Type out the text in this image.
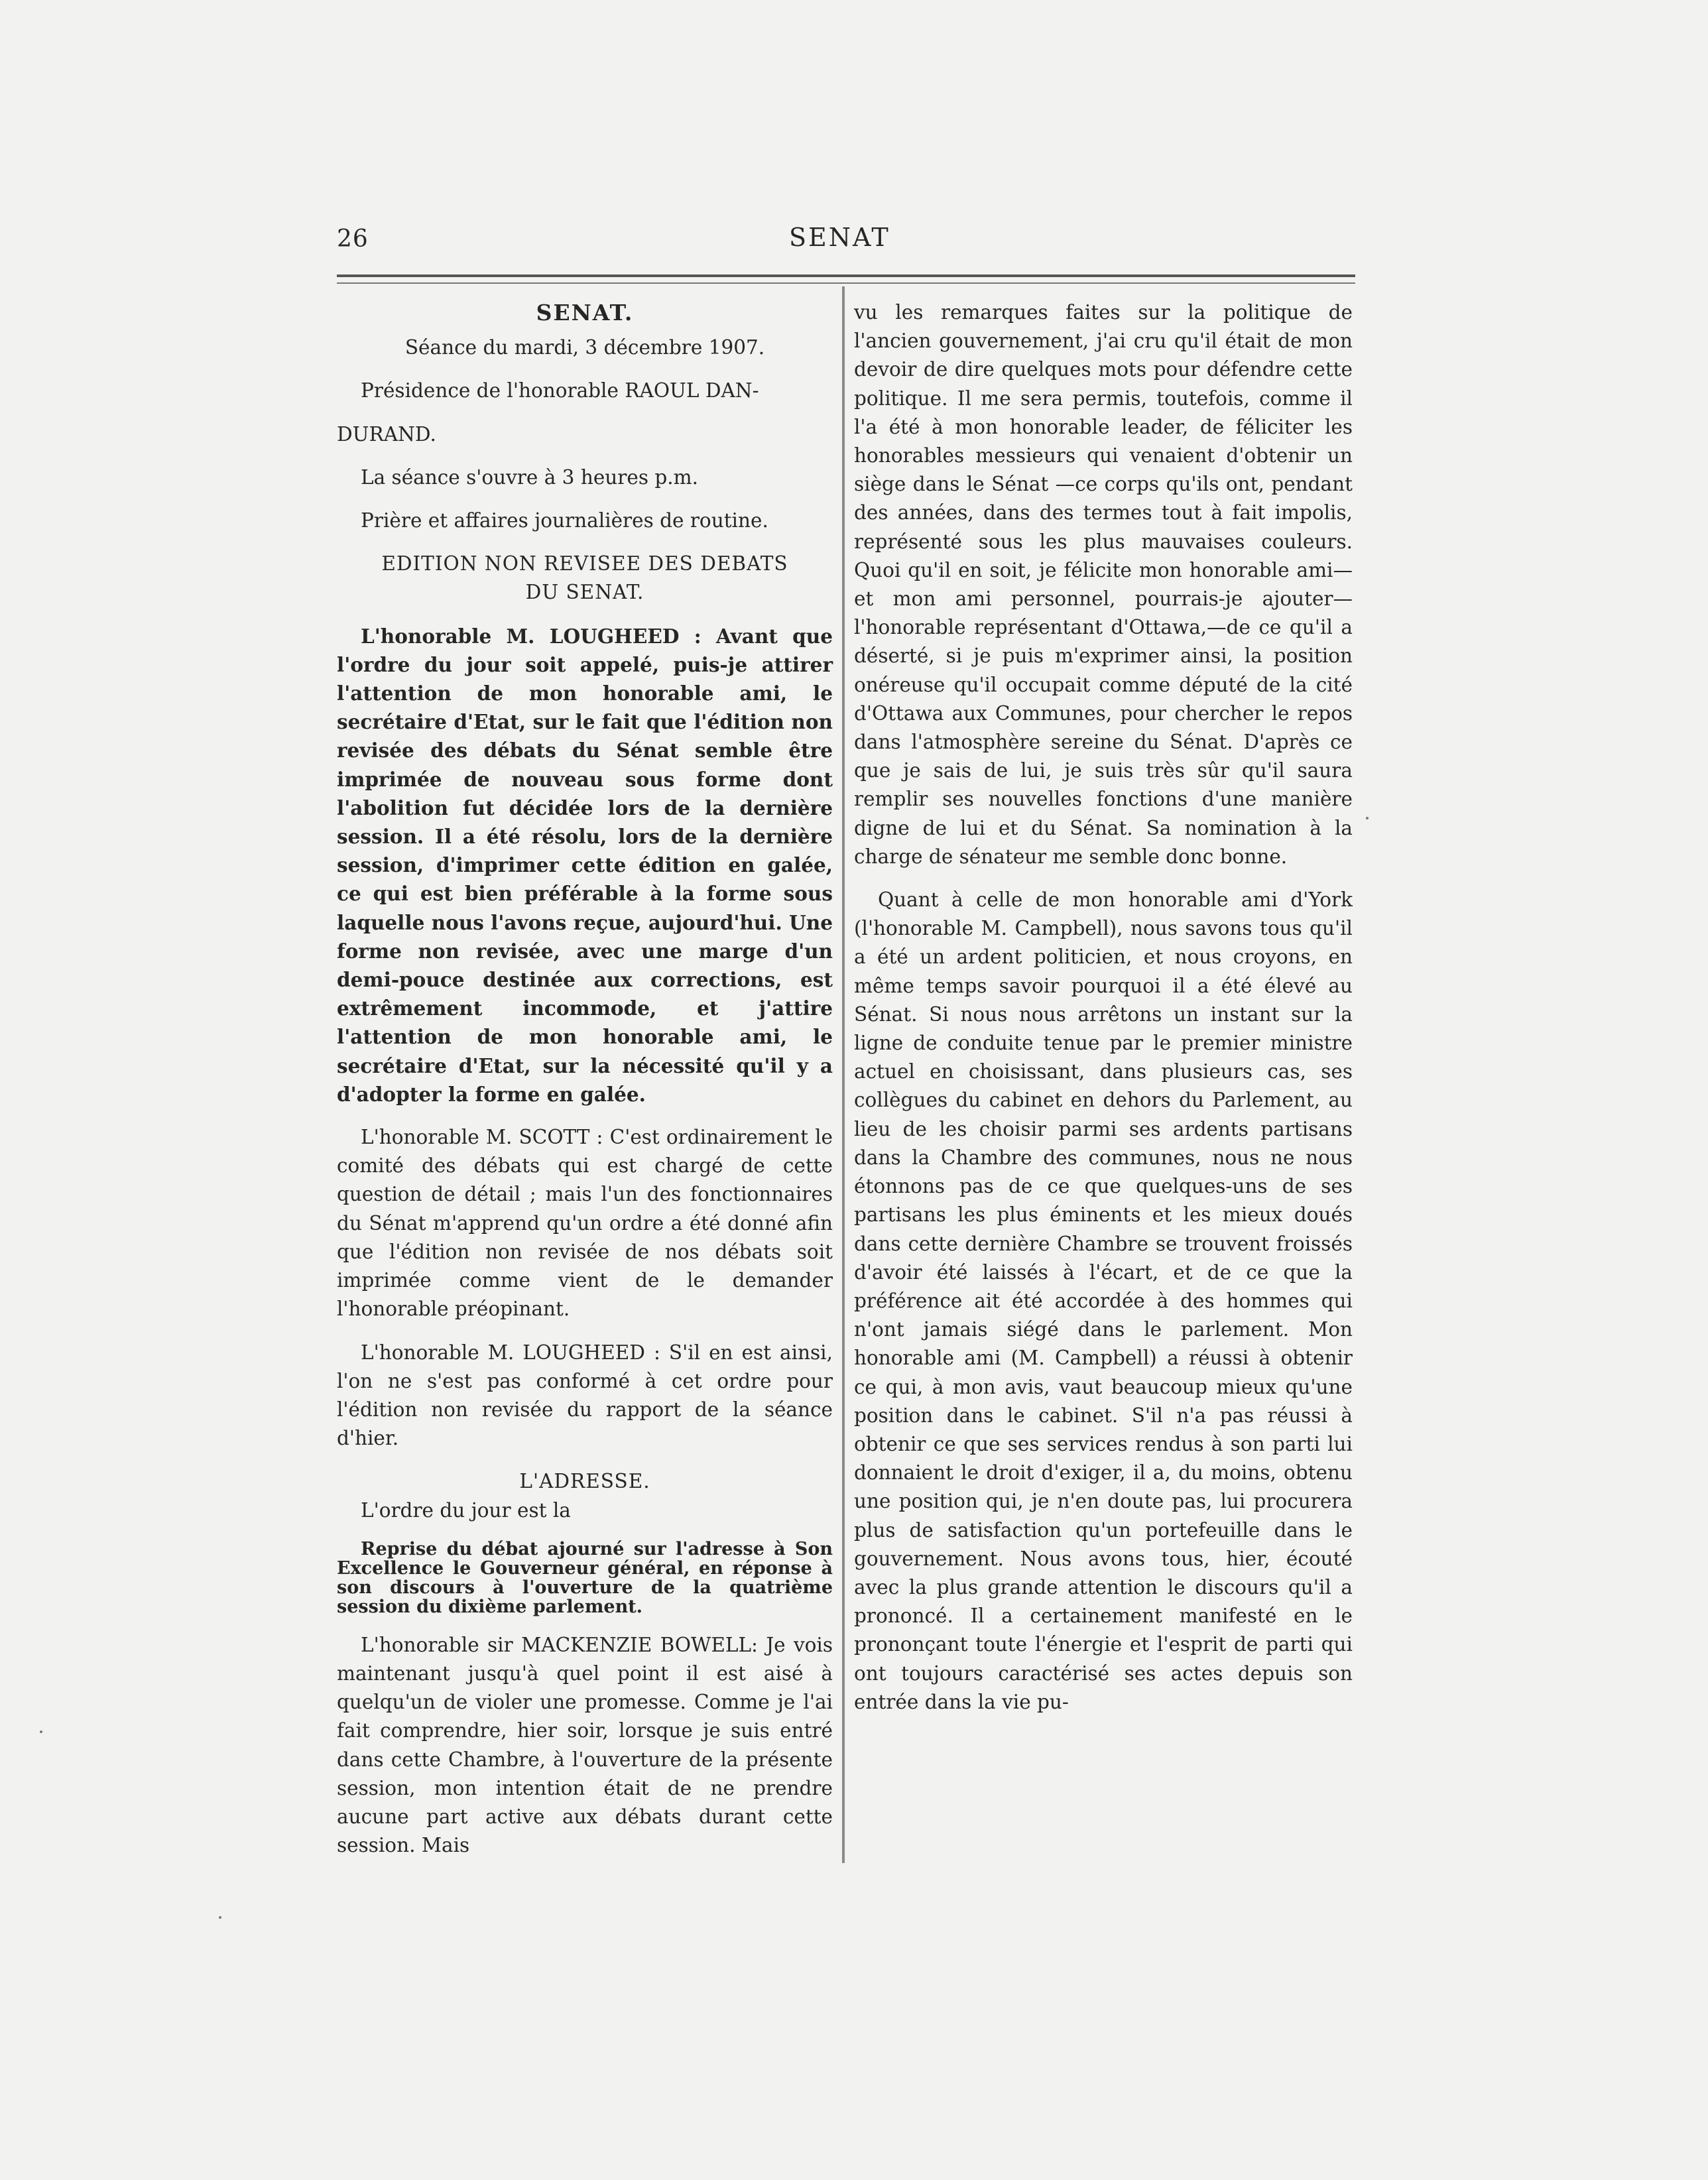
26	SENAT

SENAT.

Séance du mardi, 3 décembre 1907.

Présidence de l'honorable RAOUL DAN-

DURAND.

La séance s'ouvre à 3 heures p.m.

Prière et affaires journalières de routine.

EDITION NON REVISEE DES DEBATS

DU SENAT.

L'honorable M. LOUGHEED : Avant que l'ordre du jour soit appelé, puis-je attirer l'attention de mon honorable ami, le secrétaire d'Etat, sur le fait que l'édition non revisée des débats du Sénat semble être imprimée de nouveau sous forme dont l'abolition fut décidée lors de la dernière session. Il a été résolu, lors de la dernière session, d'imprimer cette édition en galée, ce qui est bien préférable à la forme sous laquelle nous l'avons reçue, aujourd'hui. Une forme non revisée, avec une marge d'un demi-pouce destinée aux corrections, est extrêmement incommode, et j'attire l'attention de mon honorable ami, le secrétaire d'Etat, sur la nécessité qu'il y a d'adopter la forme en galée.

L'honorable M. SCOTT : C'est ordinairement le comité des débats qui est chargé de cette question de détail ; mais l'un des fonctionnaires du Sénat m'apprend qu'un ordre a été donné afin que l'édition non revisée de nos débats soit imprimée comme vient de le demander l'honorable préopinant.

L'honorable M. LOUGHEED : S'il en est ainsi, l'on ne s'est pas conformé à cet ordre pour l'édition non revisée du rapport de la séance d'hier.

L'ADRESSE.

L'ordre du jour est la

Reprise du débat ajourné sur l'adresse à Son Excellence le Gouverneur général, en réponse à son discours à l'ouverture de la quatrième session du dixième parlement.

L'honorable sir MACKENZIE BOWELL: Je vois maintenant jusqu'à quel point il est aisé à quelqu'un de violer une promesse. Comme je l'ai fait comprendre, hier soir, lorsque je suis entré dans cette Chambre, à l'ouverture de la présente session, mon intention était de ne prendre aucune part active aux débats durant cette session. Mais

vu les remarques faites sur la politique de l'ancien gouvernement, j'ai cru qu'il était de mon devoir de dire quelques mots pour défendre cette politique. Il me sera permis, toutefois, comme il l'a été à mon honorable leader, de féliciter les honorables messieurs qui venaient d'obtenir un siège dans le Sénat —ce corps qu'ils ont, pendant des années, dans des termes tout à fait impolis, représenté sous les plus mauvaises couleurs. Quoi qu'il en soit, je félicite mon honorable ami—et mon ami personnel, pourrais-je ajouter—l'honorable représentant d'Ottawa,—de ce qu'il a déserté, si je puis m'exprimer ainsi, la position onéreuse qu'il occupait comme député de la cité d'Ottawa aux Communes, pour chercher le repos dans l'atmosphère sereine du Sénat. D'après ce que je sais de lui, je suis très sûr qu'il saura remplir ses nouvelles fonctions d'une manière digne de lui et du Sénat. Sa nomination à la charge de sénateur me semble donc bonne.

Quant à celle de mon honorable ami d'York (l'honorable M. Campbell), nous savons tous qu'il a été un ardent politicien, et nous croyons, en même temps savoir pourquoi il a été élevé au Sénat. Si nous nous arrêtons un instant sur la ligne de conduite tenue par le premier ministre actuel en choisissant, dans plusieurs cas, ses collègues du cabinet en dehors du Parlement, au lieu de les choisir parmi ses ardents partisans dans la Chambre des communes, nous ne nous étonnons pas de ce que quelques-uns de ses partisans les plus éminents et les mieux doués dans cette dernière Chambre se trouvent froissés d'avoir été laissés à l'écart, et de ce que la préférence ait été accordée à des hommes qui n'ont jamais siégé dans le parlement. Mon honorable ami (M. Campbell) a réussi à obtenir ce qui, à mon avis, vaut beaucoup mieux qu'une position dans le cabinet. S'il n'a pas réussi à obtenir ce que ses services rendus à son parti lui donnaient le droit d'exiger, il a, du moins, obtenu une position qui, je n'en doute pas, lui procurera plus de satisfaction qu'un portefeuille dans le gouvernement. Nous avons tous, hier, écouté avec la plus grande attention le discours qu'il a prononcé. Il a certainement manifesté en le prononçant toute l'énergie et l'esprit de parti qui ont toujours caractérisé ses actes depuis son entrée dans la vie pu-
